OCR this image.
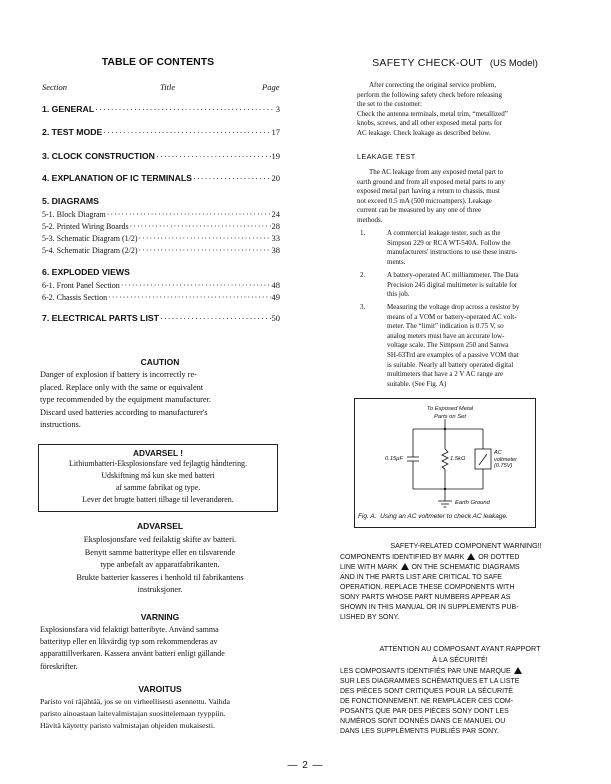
TABLE OF CONTENTS
Section	Title	Page
1. GENERAL ·····	3
2. TEST MODE ·····	17
3. CLOCK CONSTRUCTION ·····	19
4. EXPLANATION OF IC TERMINALS ·····	20
5. DIAGRAMS
5-1. Block Diagram ·····	24
5-2. Printed Wiring Boards ·····	28
5-3. Schematic Diagram (1/2) ·····	33
5-4. Schematic Diagram (2/2) ·····	38
6. EXPLODED VIEWS
6-1. Front Panel Section ·····	48
6-2. Chassis Section ·····	49
7. ELECTRICAL PARTS LIST ·····	50
CAUTION
Danger of explosion if battery is incorrectly re-
placed. Replace only with the same or equivalent
type recommended by the equipment manufacturer.
Discard used batteries according to manufacturer's
instructions.
ADVARSEL !
Lithiumbatteri-Eksplosionsfare ved fejlagtig håndtering.
Udskiftning må kun ske med batteri
af samme fabrikat og type.
Lever det brugte batteri tilbage til leverandøren.
ADVARSEL
Eksplosjonsfare ved feilaktig skifte av batteri.
Benytt samme batteritype eller en tilsvarende
type anbefalt av apparatfabrikanten.
Brukte batterier kasseres i henhold til fabrikantens
instruksjoner.
VARNING
Explosionsfara vid felaktigt batteribyte. Använd samma
batterityp eller en likvärdig typ som rekommenderas av
apparattillverkaren. Kassera använt batteri enligt gällande
föreskrifter.
VAROITUS
Paristo voi räjähtää, jos se on virheellisesti asennettu. Vaihda
paristo ainoastaan laitevalmistajan suosittelemaan tyyppiin.
Hävitä käytetty paristo valmistajan ohjeiden mukaisesti.
SAFETY CHECK-OUT (US Model)
After correcting the original service problem,
perform the following safety check before releasing
the set to the customer:
Check the antenna terminals, metal trim, “metallized”
knobs, screws, and all other exposed metal parts for
AC leakage. Check leakage as described below.
LEAKAGE TEST
The AC leakage from any exposed metal part to
earth ground and from all exposed metal parts to any
exposed metal part having a return to chassis, must
not exceed 0.5 mA (500 microampers). Leakage
current can be measured by any one of three
methods.
1.	A commercial leakage tester, such as the
Simpson 229 or RCA WT-540A. Follow the
manufacturers' instructions to use these instru-
ments.
2.	A battery-operated AC milliammeter. The Data
Precision 245 digital multimeter is suitable for
this job.
3.	Measuring the voltage drop across a resistor by
means of a VOM or battery-operated AC volt-
meter. The “limit” indication is 0.75 V, so
analog meters must have an accurate low-
voltage scale. The Simpson 250 and Sanwa
SH-63Trd are examples of a passive VOM that
is suitable. Nearly all battery operated digital
multimeters that have a 2 V AC range are
suitable. (See Fig. A)
To Exposed Metal
Parts on Set
0.15μF	1.5kΩ
AC
voltmeter
(0.75V)
Earth Ground
Fig. A. Using an AC voltmeter to check AC leakage.
SAFETY-RELATED COMPONENT WARNING!!
COMPONENTS IDENTIFIED BY MARK  OR DOTTED
LINE WITH MARK  ON THE SCHEMATIC DIAGRAMS
AND IN THE PARTS LIST ARE CRITICAL TO SAFE
OPERATION. REPLACE THESE COMPONENTS WITH
SONY PARTS WHOSE PART NUMBERS APPEAR AS
SHOWN IN THIS MANUAL OR IN SUPPLEMENTS PUB-
LISHED BY SONY.
ATTENTION AU COMPOSANT AYANT RAPPORT
À LA SÉCURITÉ!
LES COMPOSANTS IDENTIFIÉS PAR UNE MARQUE
SUR LES DIAGRAMMES SCHÉMATIQUES ET LA LISTE
DES PIÈCES SONT CRITIQUES POUR LA SÉCURITÉ
DE FONCTIONNEMENT. NE REMPLACER CES COM-
POSANTS QUE PAR DES PIÈCES SONY DONT LES
NUMÉROS SONT DONNÉS DANS CE MANUEL OU
DANS LES SUPPLÉMENTS PUBLIÉS PAR SONY.
— 2 —
